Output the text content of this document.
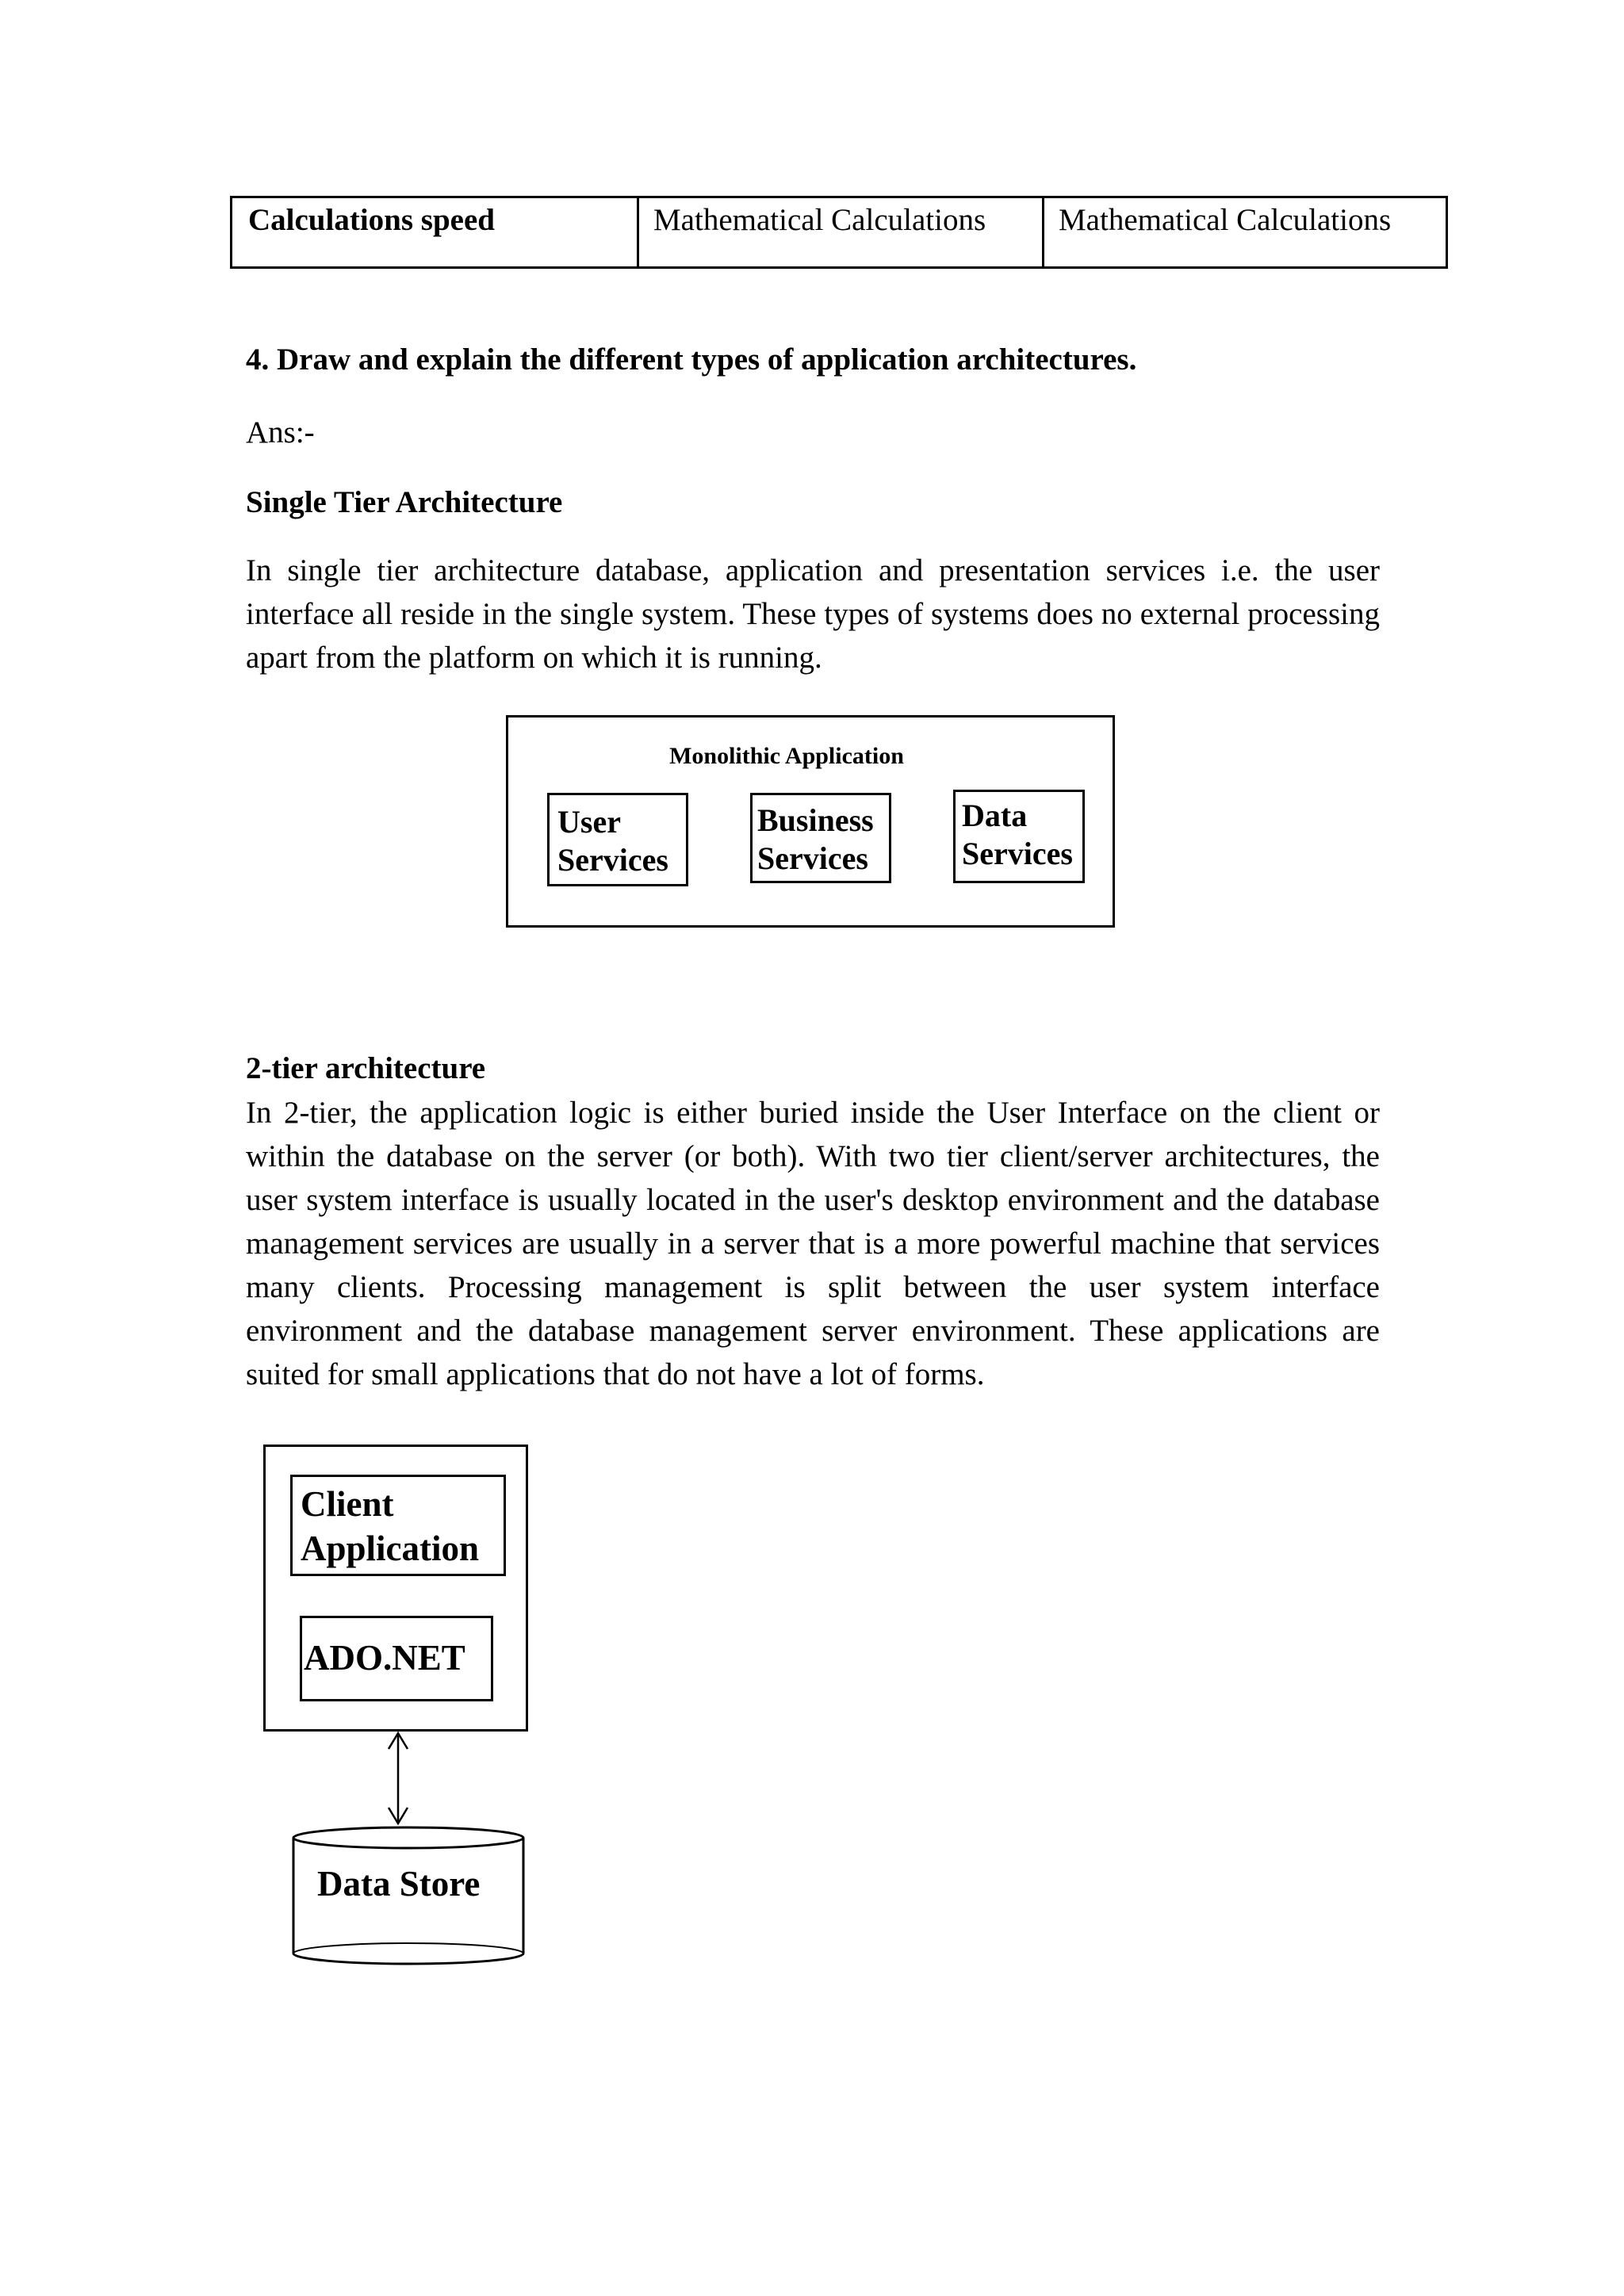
Calculations speed	Mathematical Calculations	Mathematical Calculations

4. Draw and explain the different types of application architectures.

Ans:-

Single Tier Architecture

In single tier architecture database, application and presentation services i.e. the user interface all reside in the single system. These types of systems does no external processing apart from the platform on which it is running.

Monolithic Application
User
Services
Business
Services
Data
Services

2-tier architecture

In 2-tier, the application logic is either buried inside the User Interface on the client or within the database on the server (or both). With two tier client/server architectures, the user system interface is usually located in the user's desktop environment and the database management services are usually in a server that is a more powerful machine that services many clients. Processing management is split between the user system interface environment and the database management server environment. These applications are suited for small applications that do not have a lot of forms.

Client
Application
ADO.NET
Data Store
